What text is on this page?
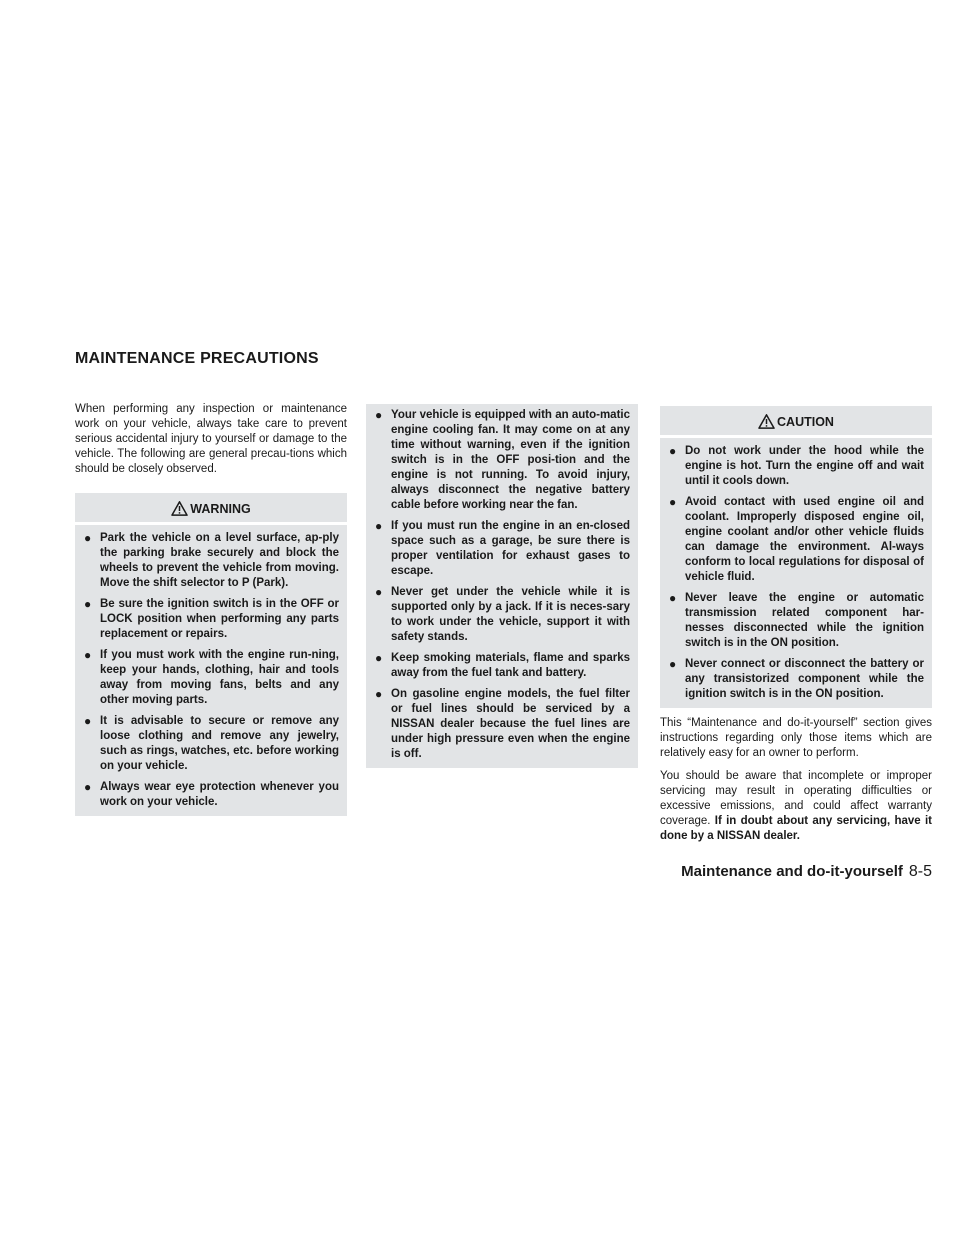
MAINTENANCE PRECAUTIONS

When performing any inspection or maintenance work on your vehicle, always take care to prevent serious accidental injury to yourself or damage to the vehicle. The following are general precau-tions which should be closely observed.

WARNING
● Park the vehicle on a level surface, ap-ply the parking brake securely and block the wheels to prevent the vehicle from moving. Move the shift selector to P (Park).
● Be sure the ignition switch is in the OFF or LOCK position when performing any parts replacement or repairs.
● If you must work with the engine run-ning, keep your hands, clothing, hair and tools away from moving fans, belts and any other moving parts.
● It is advisable to secure or remove any loose clothing and remove any jewelry, such as rings, watches, etc. before working on your vehicle.
● Always wear eye protection whenever you work on your vehicle.
● Your vehicle is equipped with an auto-matic engine cooling fan. It may come on at any time without warning, even if the ignition switch is in the OFF posi-tion and the engine is not running. To avoid injury, always disconnect the negative battery cable before working near the fan.
● If you must run the engine in an en-closed space such as a garage, be sure there is proper ventilation for exhaust gases to escape.
● Never get under the vehicle while it is supported only by a jack. If it is neces-sary to work under the vehicle, support it with safety stands.
● Keep smoking materials, flame and sparks away from the fuel tank and battery.
● On gasoline engine models, the fuel filter or fuel lines should be serviced by a NISSAN dealer because the fuel lines are under high pressure even when the engine is off.
CAUTION
● Do not work under the hood while the engine is hot. Turn the engine off and wait until it cools down.
● Avoid contact with used engine oil and coolant. Improperly disposed engine oil, engine coolant and/or other vehicle fluids can damage the environment. Al-ways conform to local regulations for disposal of vehicle fluid.
● Never leave the engine or automatic transmission related component har-nesses disconnected while the ignition switch is in the ON position.
● Never connect or disconnect the battery or any transistorized component while the ignition switch is in the ON position.

This “Maintenance and do-it-yourself” section gives instructions regarding only those items which are relatively easy for an owner to perform.

You should be aware that incomplete or improper servicing may result in operating difficulties or excessive emissions, and could affect warranty coverage. If in doubt about any servicing, have it done by a NISSAN dealer.

Maintenance and do-it-yourself 8-5
